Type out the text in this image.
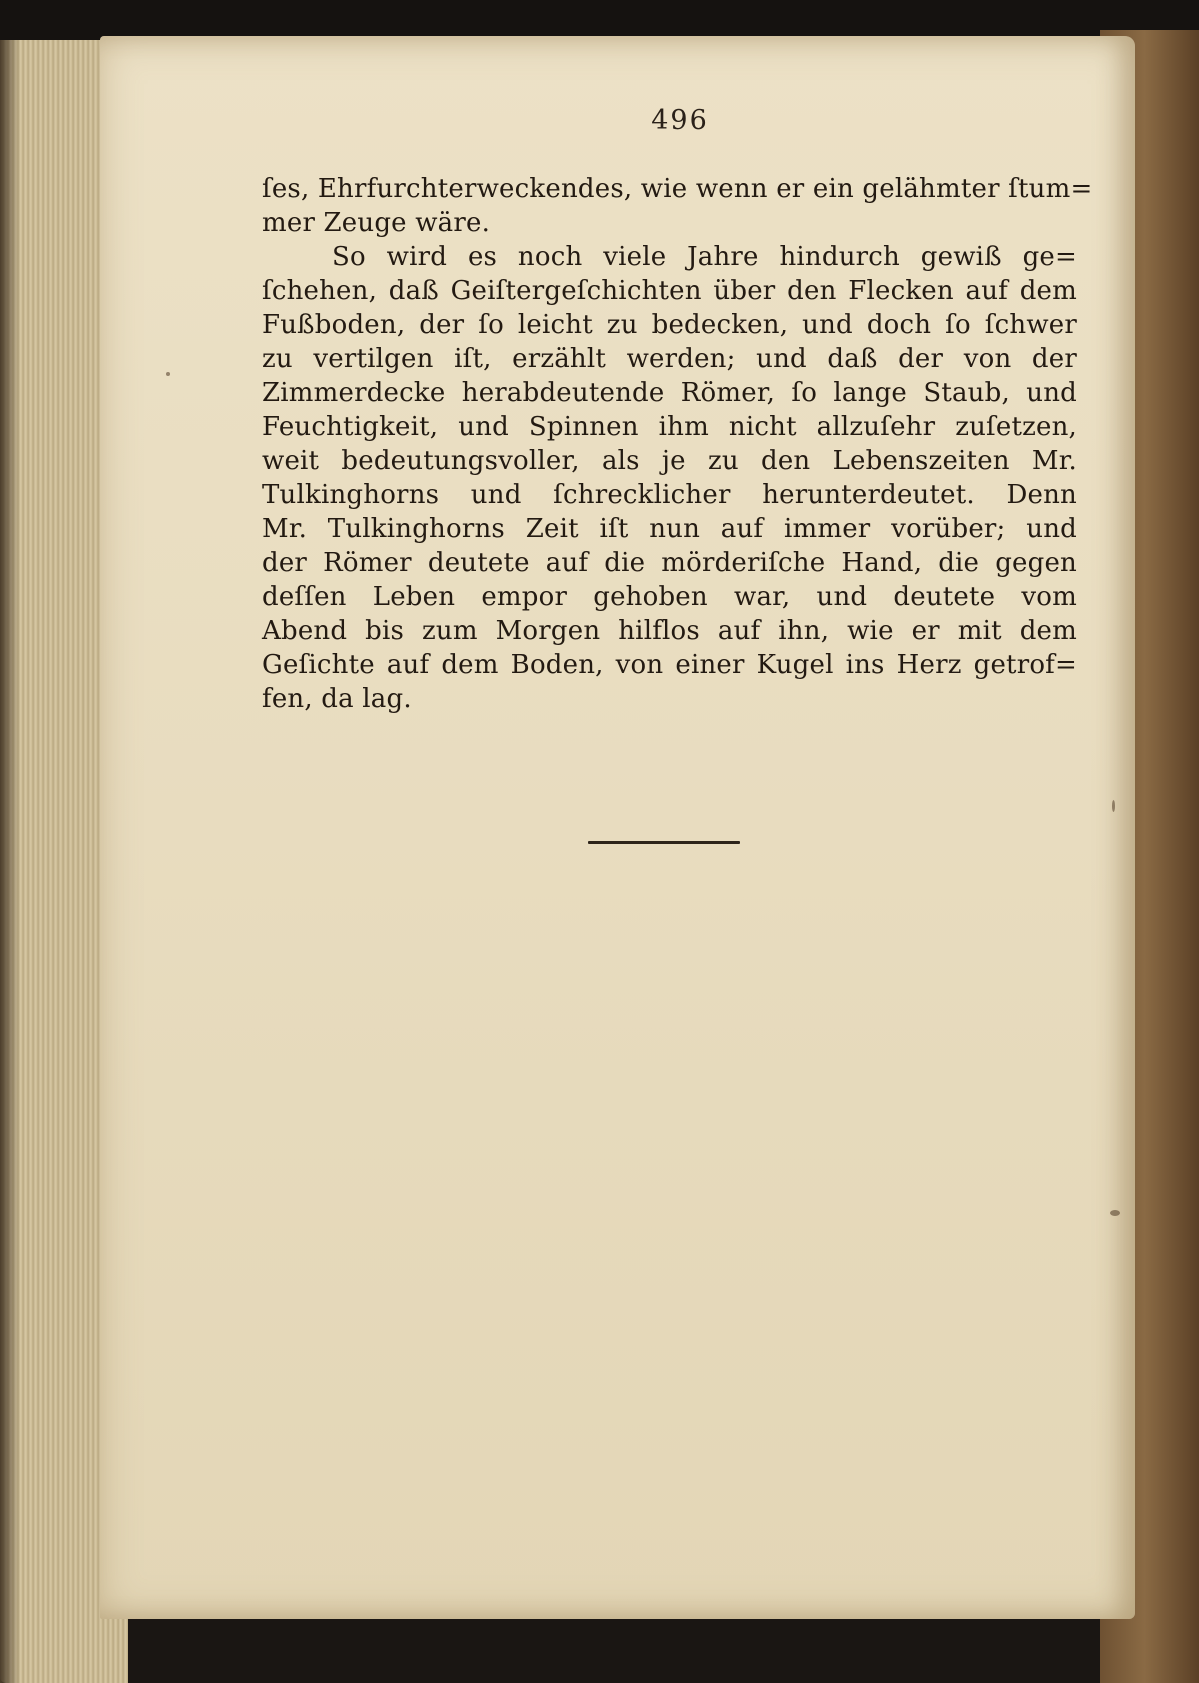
496
ſes, Ehrfurchterweckendes, wie wenn er ein gelähmter ſtum=
mer Zeuge wäre.
So wird es noch viele Jahre hindurch gewiß ge=
ſchehen, daß Geiſtergeſchichten über den Flecken auf dem
Fußboden, der ſo leicht zu bedecken, und doch ſo ſchwer
zu vertilgen iſt, erzählt werden; und daß der von der
Zimmerdecke herabdeutende Römer, ſo lange Staub, und
Feuchtigkeit, und Spinnen ihm nicht allzuſehr zuſetzen,
weit bedeutungsvoller, als je zu den Lebenszeiten Mr.
Tulkinghorns und ſchrecklicher herunterdeutet. Denn
Mr. Tulkinghorns Zeit iſt nun auf immer vorüber; und
der Römer deutete auf die mörderiſche Hand, die gegen
deſſen Leben empor gehoben war, und deutete vom
Abend bis zum Morgen hilflos auf ihn, wie er mit dem
Geſichte auf dem Boden, von einer Kugel ins Herz getrof=
fen, da lag.
